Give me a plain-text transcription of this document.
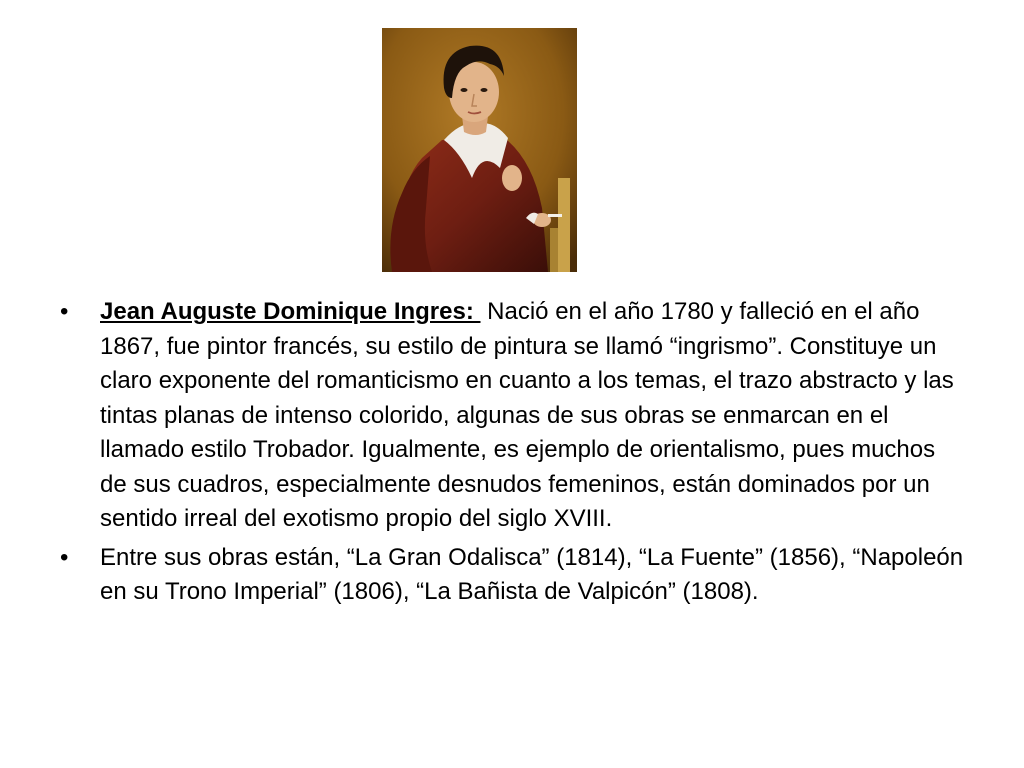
• Jean Auguste Dominique Ingres:  Nació en el año 1780 y falleció en el año 1867, fue pintor francés, su estilo de pintura se llamó “ingrismo”. Constituye un claro exponente del romanticismo en cuanto a los temas, el trazo abstracto y las tintas planas de intenso colorido, algunas de sus obras se enmarcan en el llamado estilo Trobador. Igualmente, es ejemplo de orientalismo, pues muchos de sus cuadros, especialmente desnudos femeninos, están dominados por un sentido irreal del exotismo propio del siglo XVIII.
• Entre sus obras están, “La Gran Odalisca” (1814), “La Fuente” (1856), “Napoleón en su Trono Imperial” (1806), “La Bañista de Valpicón” (1808).
